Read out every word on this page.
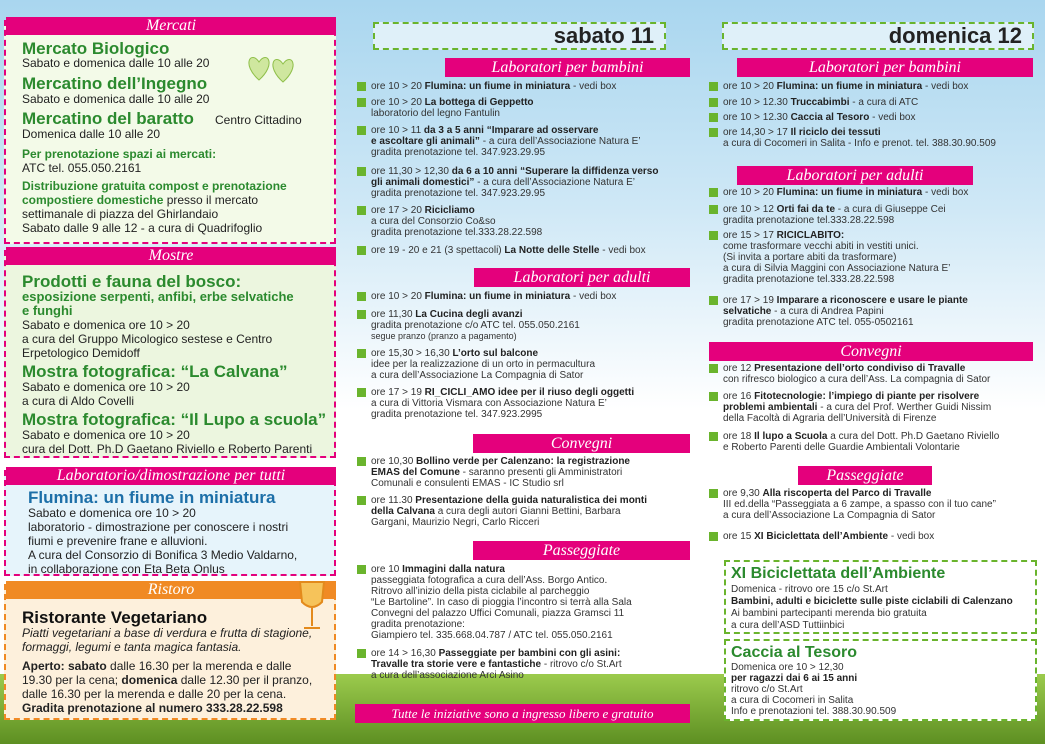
Mercati
Mercato Biologico
Sabato e domenica dalle 10 alle 20
Mercatino dell’Ingegno
Sabato e domenica dalle 10 alle 20
Mercatino del baratto Centro Cittadino
Domenica dalle 10 alle 20
Per prenotazione spazi ai mercati:
ATC tel. 055.050.2161
Distribuzione gratuita compost e prenotazione
compostiere domestiche presso il mercato
settimanale di piazza del Ghirlandaio
Sabato dalle 9 alle 12 - a cura di Quadrifoglio
Mostre
Prodotti e fauna del bosco:
esposizione serpenti, anfibi, erbe selvatiche
e funghi
Sabato e domenica ore 10 > 20
a cura del Gruppo Micologico sestese e Centro
Erpetologico Demidoff
Mostra fotografica: “La Calvana”
Sabato e domenica ore 10 > 20
a cura di Aldo Covelli
Mostra fotografica: “Il Lupo a scuola”
Sabato e domenica ore 10 > 20
cura del Dott. Ph.D Gaetano Riviello e Roberto Parenti
Laboratorio/dimostrazione per tutti
Flumina: un fiume in miniatura
Sabato e domenica ore 10 > 20
laboratorio - dimostrazione per conoscere i nostri
fiumi e prevenire frane e alluvioni.
A cura del Consorzio di Bonifica 3 Medio Valdarno,
in collaborazione con Eta Beta Onlus
Ristoro
Ristorante Vegetariano
Piatti vegetariani a base di verdura e frutta di stagione,
formaggi, legumi e tanta magica fantasia.
Aperto: sabato dalle 16.30 per la merenda e dalle
19.30 per la cena; domenica dalle 12.30 per il pranzo,
dalle 16.30 per la merenda e dalle 20 per la cena.
Gradita prenotazione al numero 333.28.22.598
sabato 11
Laboratori per bambini
ore 10 > 20 Flumina: un fiume in miniatura - vedi box
ore 10 > 20 La bottega di Geppetto
laboratorio del legno Fantulin
ore 10 > 11 da 3 a 5 anni “Imparare ad osservare
e ascoltare gli animali” - a cura dell’Associazione Natura E’
gradita prenotazione tel. 347.923.29.95
ore 11,30 > 12,30 da 6 a 10 anni “Superare la diffidenza verso
gli animali domestici” - a cura dell’Associazione Natura E’
gradita prenotazione tel. 347.923.29.95
ore 17 > 20 Ricicliamo
a cura del Consorzio Co&so
gradita prenotazione tel.333.28.22.598
ore 19 - 20 e 21 (3 spettacoli) La Notte delle Stelle - vedi box
Laboratori per adulti
ore 10 > 20 Flumina: un fiume in miniatura - vedi box
ore 11,30 La Cucina degli avanzi
gradita prenotazione c/o ATC tel. 055.050.2161
segue pranzo (pranzo a pagamento)
ore 15,30 > 16,30 L’orto sul balcone
idee per la realizzazione di un orto in permacultura
a cura dell’Associazione La Compagnia di Sator
ore 17 > 19 RI_CICLI_AMO idee per il riuso degli oggetti
a cura di Vittoria Vismara con Associazione Natura E’
gradita prenotazione tel. 347.923.2995
Convegni
ore 10,30 Bollino verde per Calenzano: la registrazione
EMAS del Comune - saranno presenti gli Amministratori
Comunali e consulenti EMAS - IC Studio srl
ore 11.30 Presentazione della guida naturalistica dei monti
della Calvana a cura degli autori Gianni Bettini, Barbara
Gargani, Maurizio Negri, Carlo Ricceri
Passeggiate
ore 10 Immagini dalla natura
passeggiata fotografica a cura dell’Ass. Borgo Antico.
Ritrovo all’inizio della pista ciclabile al parcheggio
“Le Bartoline”. In caso di pioggia l’incontro si terrà alla Sala
Convegni del palazzo Uffici Comunali, piazza Gramsci 11
gradita prenotazione:
Giampiero tel. 335.668.04.787 / ATC tel. 055.050.2161
ore 14 > 16,30 Passeggiate per bambini con gli asini:
Travalle tra storie vere e fantastiche - ritrovo c/o St.Art
a cura dell’associazione Arci Asino
Tutte le iniziative sono a ingresso libero e gratuito
domenica 12
Laboratori per bambini
ore 10 > 20 Flumina: un fiume in miniatura - vedi box
ore 10 > 12.30 Truccabimbi - a cura di ATC
ore 10 > 12.30 Caccia al Tesoro - vedi box
ore 14,30 > 17 Il riciclo dei tessuti
a cura di Cocomeri in Salita - Info e prenot. tel. 388.30.90.509
Laboratori per adulti
ore 10 > 20 Flumina: un fiume in miniatura - vedi box
ore 10 > 12 Orti fai da te - a cura di Giuseppe Cei
gradita prenotazione tel.333.28.22.598
ore 15 > 17 RICICLABITO:
come trasformare vecchi abiti in vestiti unici.
(Si invita a portare abiti da trasformare)
a cura di Silvia Maggini con Associazione Natura E’
gradita prenotazione tel.333.28.22.598
ore 17 > 19 Imparare a riconoscere e usare le piante
selvatiche - a cura di Andrea Papini
gradita prenotazione ATC tel. 055-0502161
Convegni
ore 12 Presentazione dell’orto condiviso di Travalle
con rifresco biologico a cura dell’Ass. La compagnia di Sator
ore 16 Fitotecnologie: l’impiego di piante per risolvere
problemi ambientali - a cura del Prof. Werther Guidi Nissim
della Facoltà di Agraria dell’Università di Firenze
ore 18 Il lupo a Scuola a cura del Dott. Ph.D Gaetano Riviello
e Roberto Parenti delle Guardie Ambientali Volontarie
Passeggiate
ore 9,30 Alla riscoperta del Parco di Travalle
III ed.della “Passeggiata a 6 zampe, a spasso con il tuo cane”
a cura dell’Associazione La Compagnia di Sator
ore 15 XI Biciclettata dell’Ambiente - vedi box
XI Biciclettata dell’Ambiente
Domenica - ritrovo ore 15 c/o St.Art
Bambini, adulti e biciclette sulle piste ciclabili di Calenzano
Ai bambini partecipanti merenda bio gratuita
a cura dell’ASD Tuttiinbici
Caccia al Tesoro
Domenica ore 10 > 12,30
per ragazzi dai 6 ai 15 anni
ritrovo c/o St.Art
a cura di Cocomeri in Salita
Info e prenotazioni tel. 388.30.90.509
